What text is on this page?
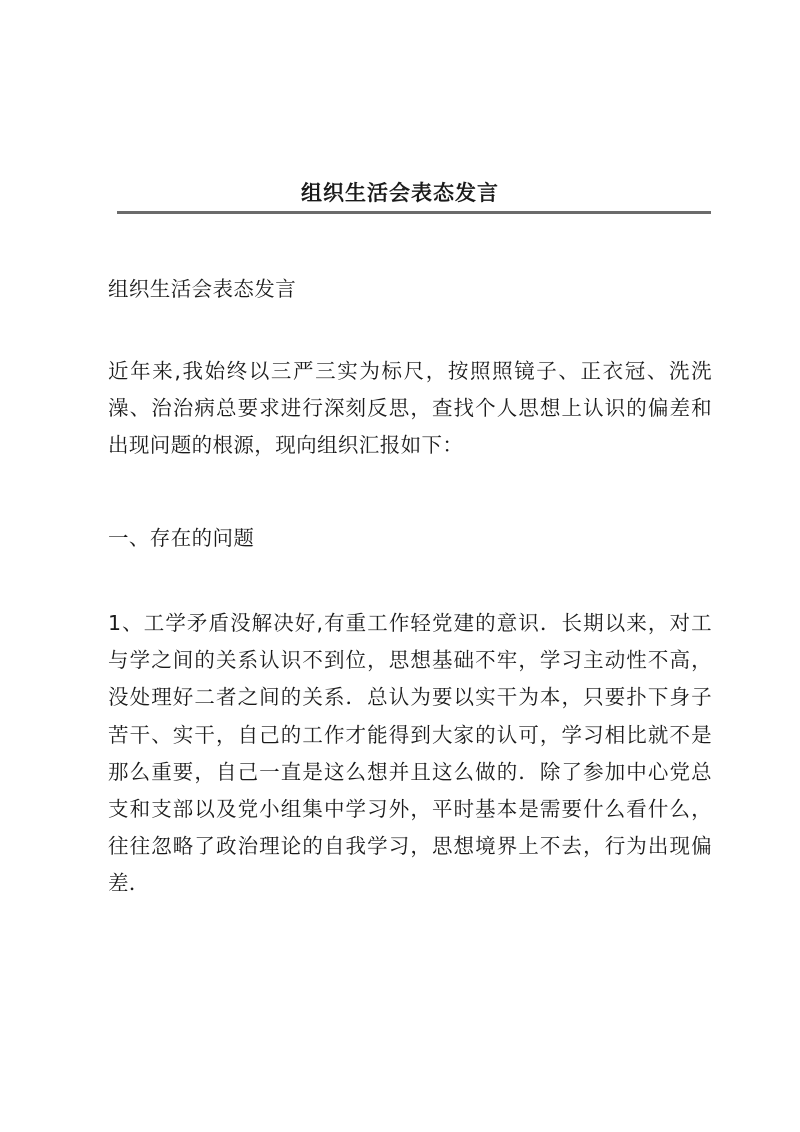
组织生活会表态发言

组织生活会表态发言

近年来,我始终以三严三实为标尺，按照照镜子、正衣冠、洗洗澡、治治病总要求进行深刻反思，查找个人思想上认识的偏差和出现问题的根源，现向组织汇报如下：

一、存在的问题

1、工学矛盾没解决好,有重工作轻党建的意识．长期以来，对工与学之间的关系认识不到位，思想基础不牢，学习主动性不高，没处理好二者之间的关系．总认为要以实干为本，只要扑下身子苦干、实干，自己的工作才能得到大家的认可，学习相比就不是那么重要，自己一直是这么想并且这么做的．除了参加中心党总支和支部以及党小组集中学习外，平时基本是需要什么看什么，往往忽略了政治理论的自我学习，思想境界上不去，行为出现偏差．
